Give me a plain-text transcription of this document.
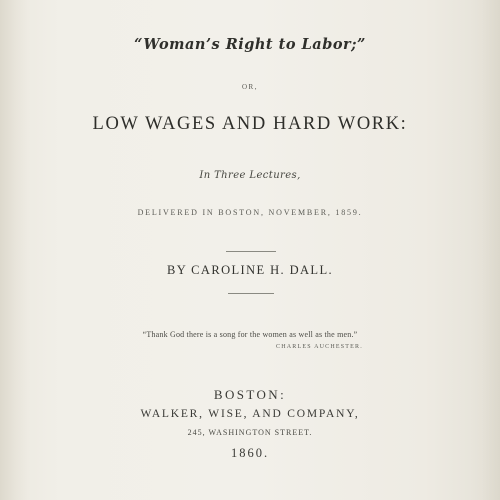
“Woman’s Right to Labor;”
OR,
LOW WAGES AND HARD WORK:
In Three Lectures,
DELIVERED IN BOSTON, NOVEMBER, 1859.
BY CAROLINE H. DALL.
“Thank God there is a song for the women as well as the men.”
CHARLES AUCHESTER.
BOSTON:
WALKER, WISE, AND COMPANY,
245, WASHINGTON STREET.
1860.
